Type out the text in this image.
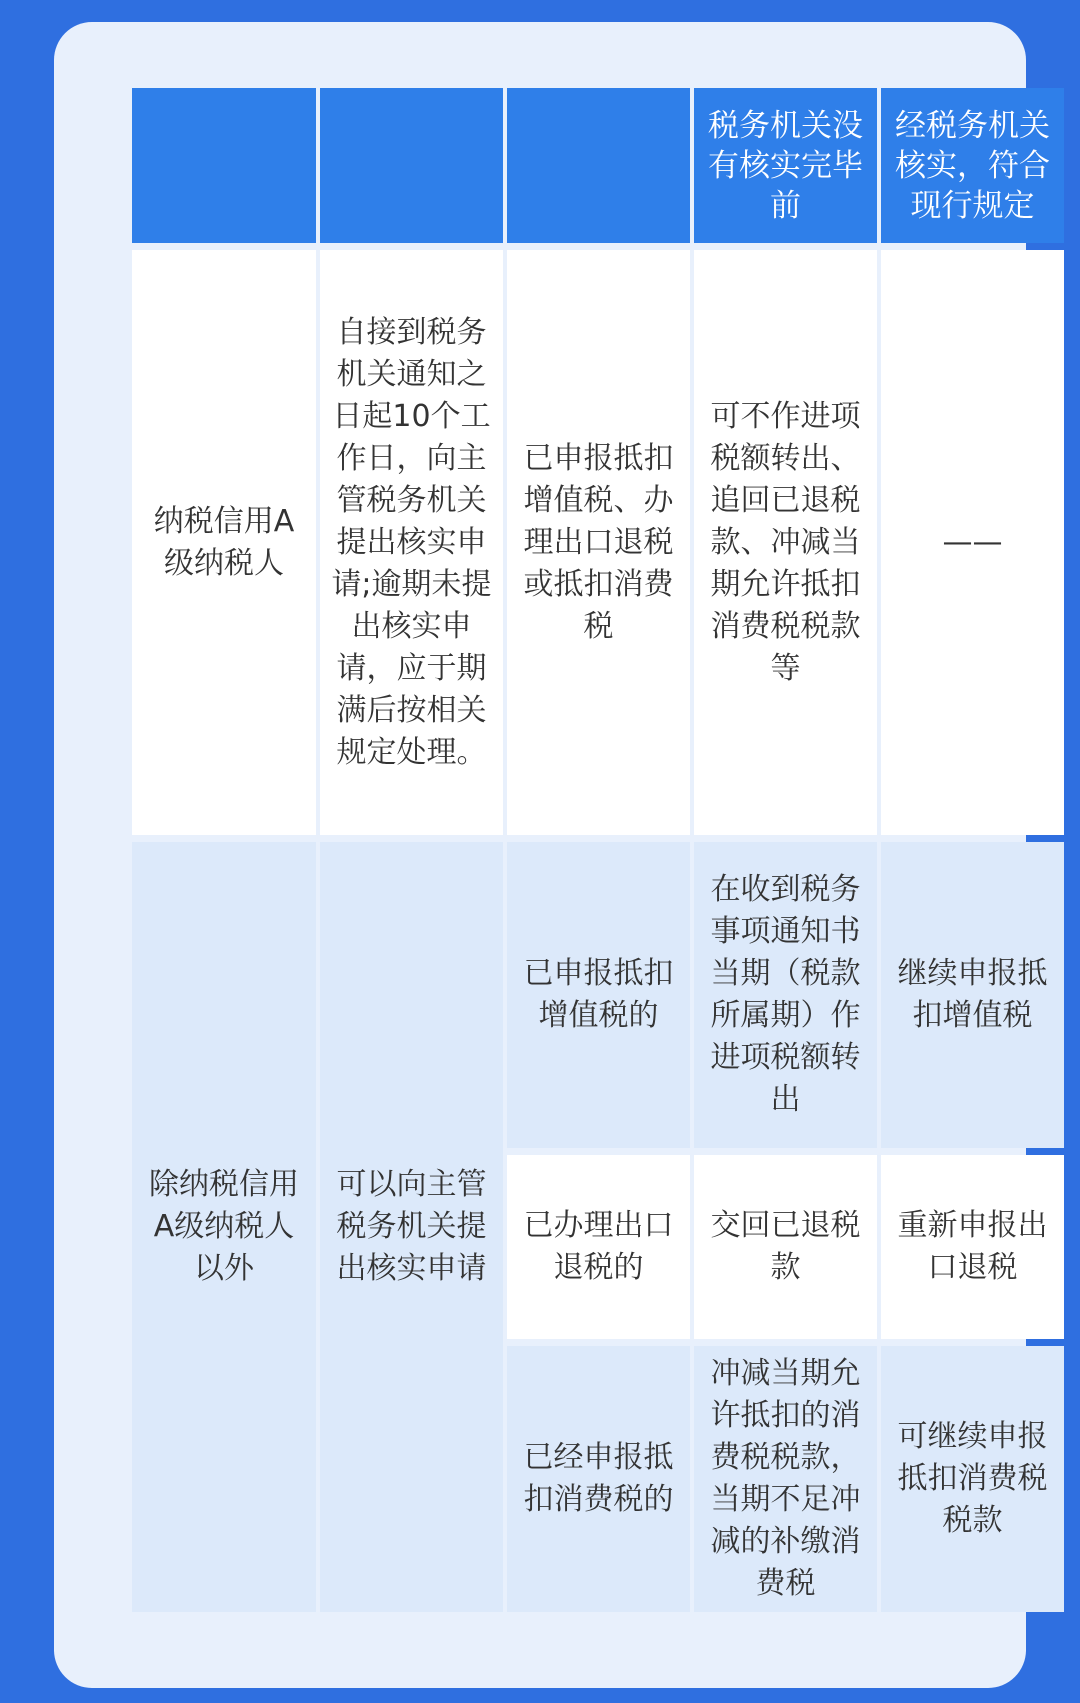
税务机关没有核实完毕前
经税务机关核实，符合现行规定
纳税信用A级纳税人
自接到税务机关通知之日起10个工作日，向主管税务机关提出核实申请;逾期未提出核实申请，应于期满后按相关规定处理。
已申报抵扣增值税、办理出口退税或抵扣消费税
可不作进项税额转出、追回已退税款、冲减当期允许抵扣消费税税款等
——
除纳税信用A级纳税人以外
可以向主管税务机关提出核实申请
已申报抵扣增值税的
在收到税务事项通知书当期（税款所属期）作进项税额转出
继续申报抵扣增值税
已办理出口退税的
交回已退税款
重新申报出口退税
已经申报抵扣消费税的
冲减当期允许抵扣的消费税税款，当期不足冲减的补缴消费税
可继续申报抵扣消费税税款
